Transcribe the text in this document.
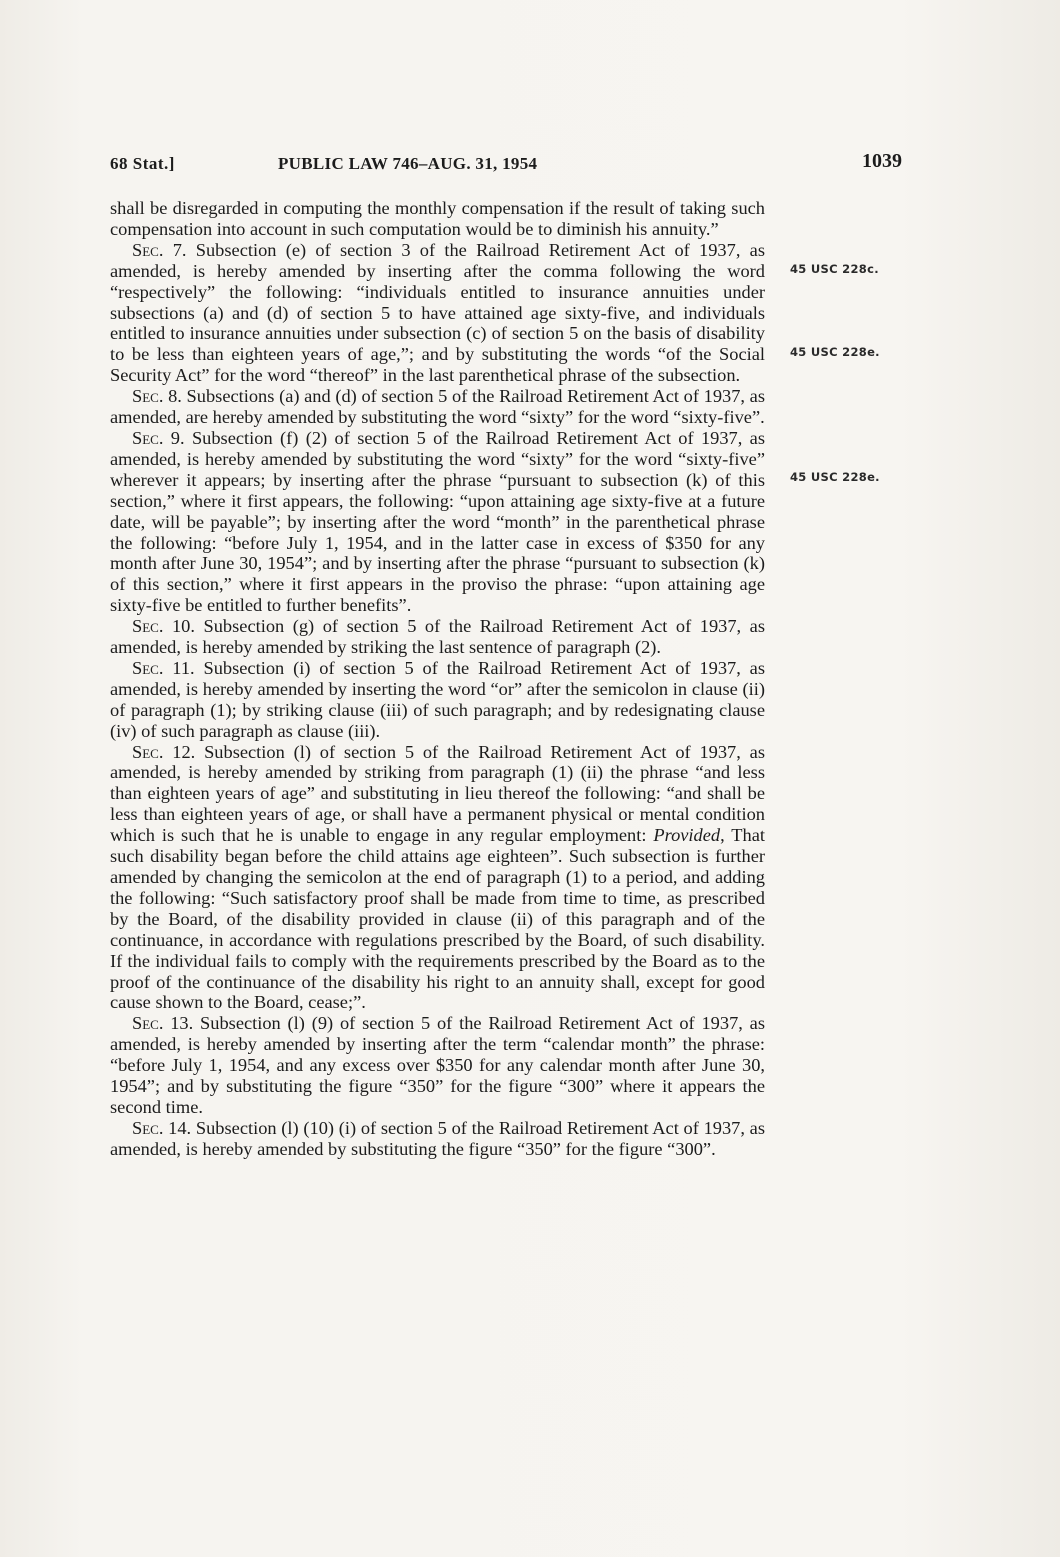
68 Stat.]	PUBLIC LAW 746–AUG. 31, 1954	1039
45 USC 228c.
45 USC 228e.
45 USC 228e.

shall be disregarded in computing the monthly compensation if the result of taking such compensation into account in such computation would be to diminish his annuity.”

Sec. 7. Subsection (e) of section 3 of the Railroad Retirement Act of 1937, as amended, is hereby amended by inserting after the comma following the word “respectively” the following: “individuals entitled to insurance annuities under subsections (a) and (d) of section 5 to have attained age sixty-five, and individuals entitled to insurance annuities under subsection (c) of section 5 on the basis of disability to be less than eighteen years of age,”; and by substituting the words “of the Social Security Act” for the word “thereof” in the last parenthetical phrase of the subsection.

Sec. 8. Subsections (a) and (d) of section 5 of the Railroad Retirement Act of 1937, as amended, are hereby amended by substituting the word “sixty” for the word “sixty-five”.

Sec. 9. Subsection (f) (2) of section 5 of the Railroad Retirement Act of 1937, as amended, is hereby amended by substituting the word “sixty” for the word “sixty-five” wherever it appears; by inserting after the phrase “pursuant to subsection (k) of this section,” where it first appears, the following: “upon attaining age sixty-five at a future date, will be payable”; by inserting after the word “month” in the parenthetical phrase the following: “before July 1, 1954, and in the latter case in excess of $350 for any month after June 30, 1954”; and by inserting after the phrase “pursuant to subsection (k) of this section,” where it first appears in the proviso the phrase: “upon attaining age sixty-five be entitled to further benefits”.

Sec. 10. Subsection (g) of section 5 of the Railroad Retirement Act of 1937, as amended, is hereby amended by striking the last sentence of paragraph (2).

Sec. 11. Subsection (i) of section 5 of the Railroad Retirement Act of 1937, as amended, is hereby amended by inserting the word “or” after the semicolon in clause (ii) of paragraph (1); by striking clause (iii) of such paragraph; and by redesignating clause (iv) of such paragraph as clause (iii).

Sec. 12. Subsection (l) of section 5 of the Railroad Retirement Act of 1937, as amended, is hereby amended by striking from paragraph (1) (ii) the phrase “and less than eighteen years of age” and substituting in lieu thereof the following: “and shall be less than eighteen years of age, or shall have a permanent physical or mental condition which is such that he is unable to engage in any regular employment: Provided, That such disability began before the child attains age eighteen”. Such subsection is further amended by changing the semicolon at the end of paragraph (1) to a period, and adding the following: “Such satisfactory proof shall be made from time to time, as prescribed by the Board, of the disability provided in clause (ii) of this paragraph and of the continuance, in accordance with regulations prescribed by the Board, of such disability. If the individual fails to comply with the requirements prescribed by the Board as to the proof of the continuance of the disability his right to an annuity shall, except for good cause shown to the Board, cease;”.

Sec. 13. Subsection (l) (9) of section 5 of the Railroad Retirement Act of 1937, as amended, is hereby amended by inserting after the term “calendar month” the phrase: “before July 1, 1954, and any excess over $350 for any calendar month after June 30, 1954”; and by substituting the figure “350” for the figure “300” where it appears the second time.

Sec. 14. Subsection (l) (10) (i) of section 5 of the Railroad Retirement Act of 1937, as amended, is hereby amended by substituting the figure “350” for the figure “300”.
